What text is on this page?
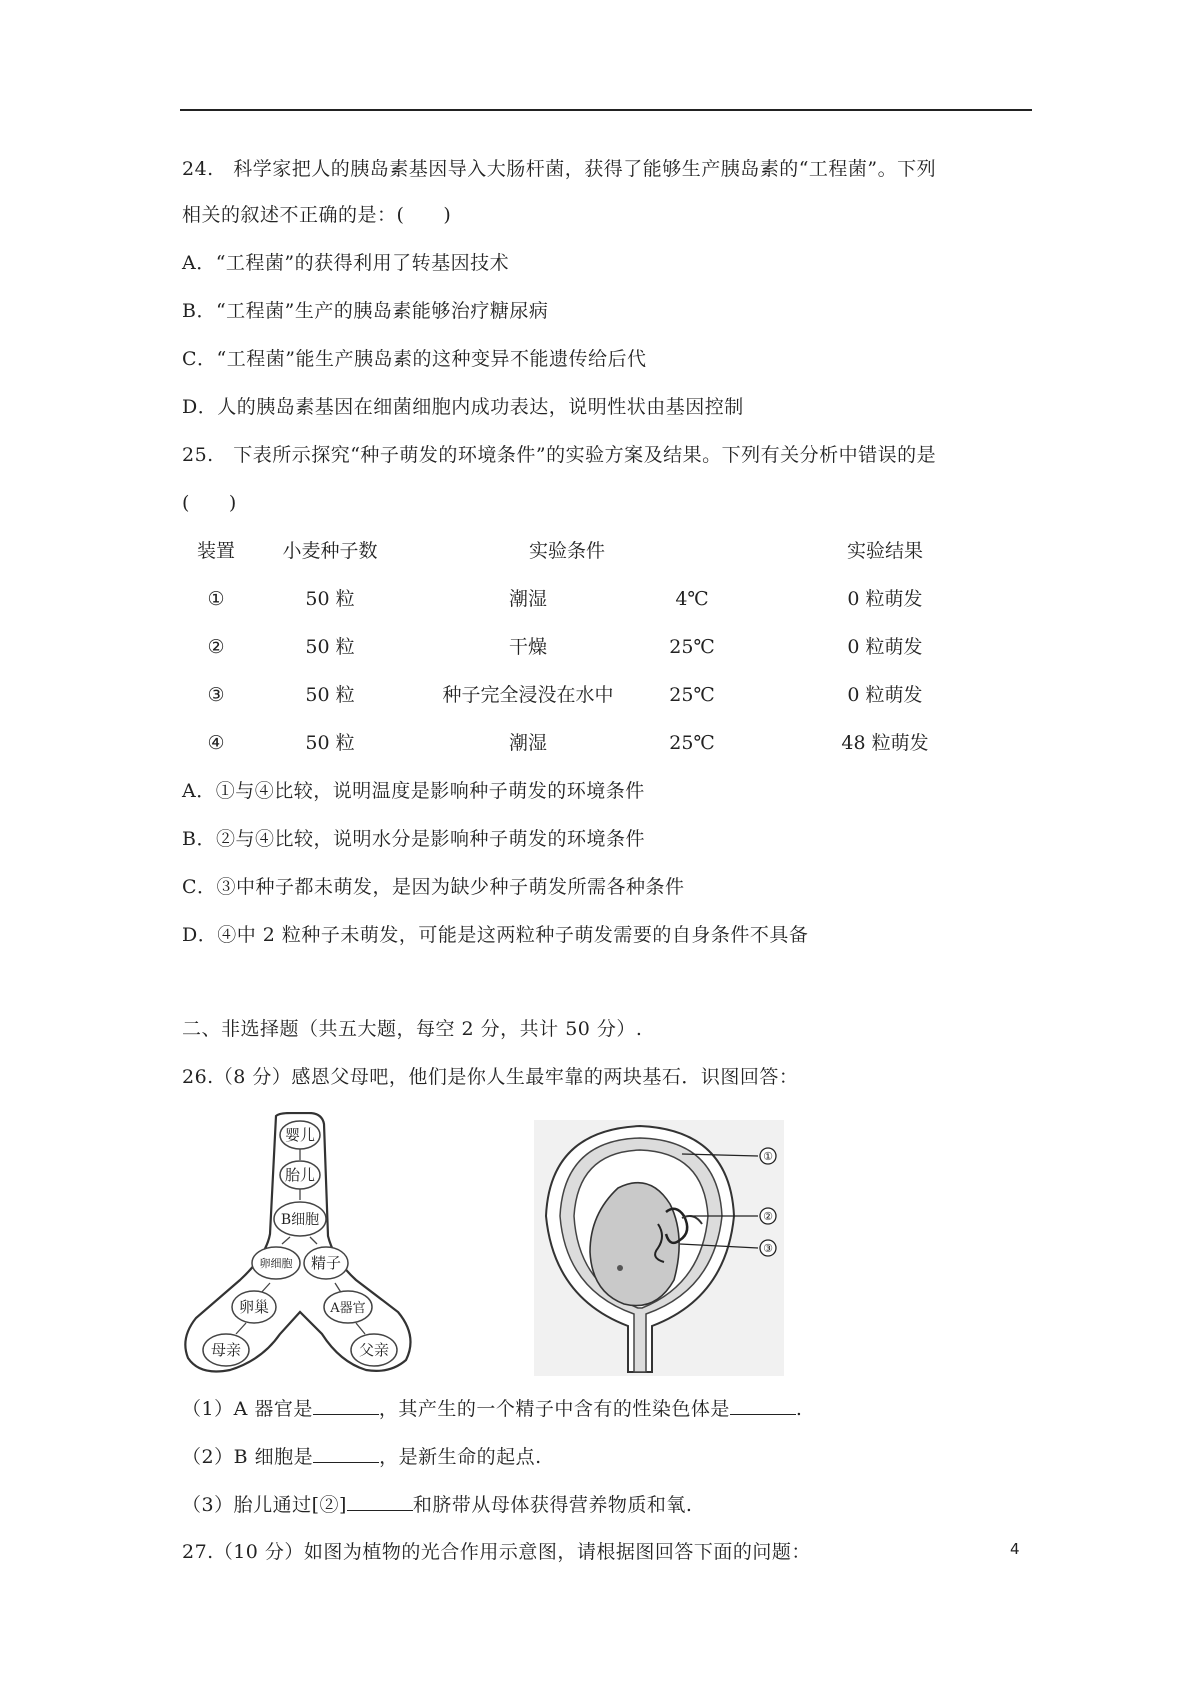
24.　科学家把人的胰岛素基因导入大肠杆菌，获得了能够生产胰岛素的“工程菌”。下列
相关的叙述不正确的是：(　　)
A．“工程菌”的获得利用了转基因技术
B．“工程菌”生产的胰岛素能够治疗糖尿病
C．“工程菌”能生产胰岛素的这种变异不能遗传给后代
D．人的胰岛素基因在细菌细胞内成功表达，说明性状由基因控制
25.　下表所示探究“种子萌发的环境条件”的实验方案及结果。下列有关分析中错误的是
(　　)
装置 小麦种子数	实验条件	实验结果
①	50 粒	潮湿	4℃	0 粒萌发
②	50 粒	干燥	25℃	0 粒萌发
③	50 粒	种子完全浸没在水中	25℃	0 粒萌发
④	50 粒	潮湿	25℃	48 粒萌发
A．①与④比较，说明温度是影响种子萌发的环境条件
B．②与④比较，说明水分是影响种子萌发的环境条件
C．③中种子都未萌发，是因为缺少种子萌发所需各种条件
D．④中 2 粒种子未萌发，可能是这两粒种子萌发需要的自身条件不具备
二、非选择题（共五大题，每空 2 分，共计 50 分）.
26.（8 分）感恩父母吧，他们是你人生最牢靠的两块基石．识图回答：
婴儿
胎儿
B细胞
卵细胞 精子
卵巢	A器官
母亲	父亲
①
②
③
（1）A 器官是	，其产生的一个精子中含有的性染色体是	.
（2）B 细胞是	，是新生命的起点.
（3）胎儿通过[②]	和脐带从母体获得营养物质和氧.
27.（10 分）如图为植物的光合作用示意图，请根据图回答下面的问题：	4
